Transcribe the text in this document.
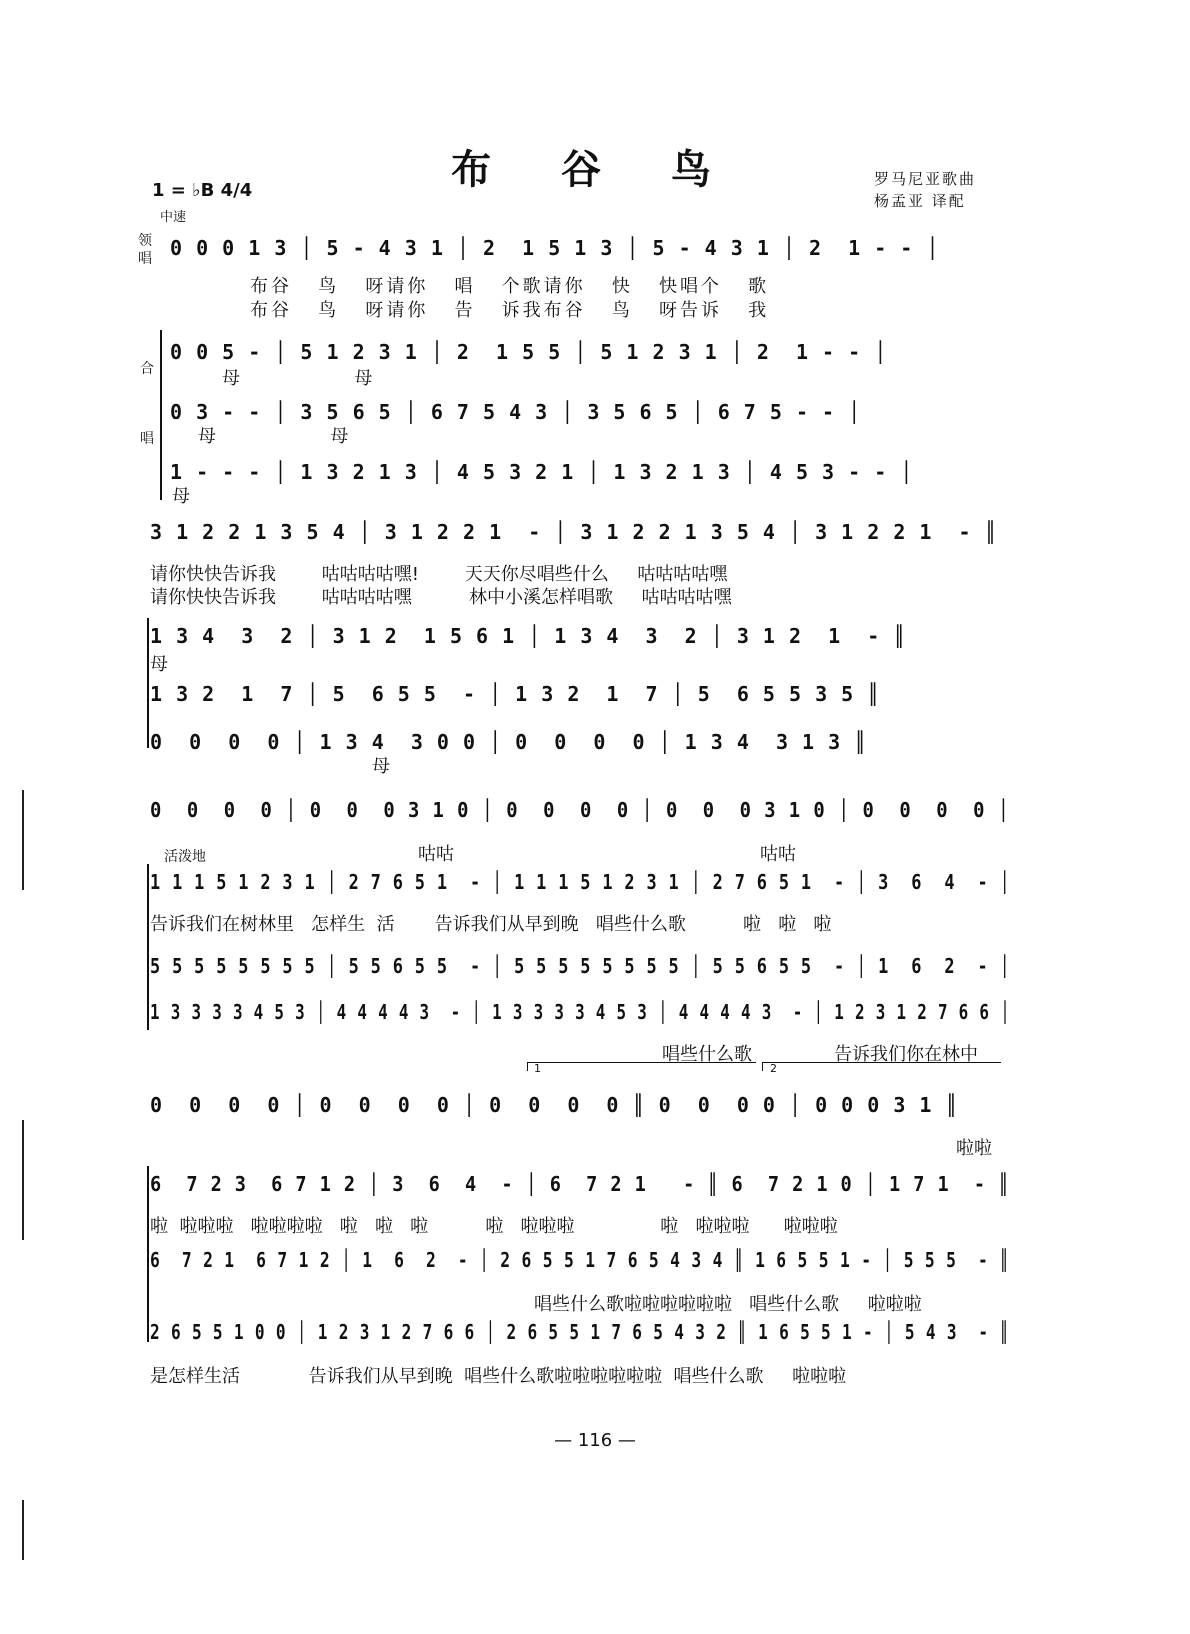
布 谷 鸟	罗马尼亚歌曲
杨孟亚 译配
1 = ♭B 4/4
中速
领唱 0 0 0 1 3 │ 5 - 4 3 1 │ 2  1 5 1 3 │ 5 - 4 3 1 │ 2  1 - - │
布谷   鸟   呀请你   唱   个歌请你   快   快唱个   歌
布谷   鸟   呀请你   告   诉我布谷   鸟   呀告诉   我
合
唱
0 0 5 - │ 5 1 2 3 1 │ 2  1 5 5 │ 5 1 2 3 1 │ 2  1 - - │
母                    母
0 3 - - │ 3 5 6 5 │ 6 7 5 4 3 │ 3 5 6 5 │ 6 7 5 - - │
母                    母
1 - - - │ 1 3 2 1 3 │ 4 5 3 2 1 │ 1 3 2 1 3 │ 4 5 3 - - │
母
3 1 2 2 1 3 5 4 │ 3 1 2 2 1  - │ 3 1 2 2 1 3 5 4 │ 3 1 2 2 1  - ║
请你快快告诉我        咕咕咕咕嘿!        天天你尽唱些什么     咕咕咕咕嘿
请你快快告诉我        咕咕咕咕嘿          林中小溪怎样唱歌     咕咕咕咕嘿
1 3 4  3  2 │ 3 1 2  1 5 6 1 │ 1 3 4  3  2 │ 3 1 2  1  - ║
母
1 3 2  1  7 │ 5  6 5 5  - │ 1 3 2  1  7 │ 5  6 5 5 3 5 ║
0  0  0  0 │ 1 3 4  3 0 0 │ 0  0  0  0 │ 1 3 4  3 1 3 ║
母
0  0  0  0 │ 0  0  0 3 1 0 │ 0  0  0  0 │ 0  0  0 3 1 0 │ 0  0  0  0 │
咕咕	咕咕
活泼地
1 1 1 5 1 2 3 1 │ 2 7 6 5 1  - │ 1 1 1 5 1 2 3 1 │ 2 7 6 5 1  - │ 3  6  4  - │
告诉我们在树林里   怎样生  活       告诉我们从早到晚   唱些什么歌          啦   啦   啦
5 5 5 5 5 5 5 5 │ 5 5 6 5 5  - │ 5 5 5 5 5 5 5 5 │ 5 5 6 5 5  - │ 1  6  2  - │
1 3 3 3 3 4 5 3 │ 4 4 4 4 3  - │ 1 3 3 3 3 4 5 3 │ 4 4 4 4 3  - │ 1 2 3 1 2 7 6 6 │
1	2
唱些什么歌	告诉我们你在林中
0  0  0  0 │ 0  0  0  0 │ 0  0  0  0 ║ 0  0  0 0 │ 0 0 0 3 1 ║
啦啦
6  7 2 3  6 7 1 2 │ 3  6  4  - │ 6  7 2 1   - ║ 6  7 2 1 0 │ 1 7 1  - ║
啦  啦啦啦   啦啦啦啦   啦   啦   啦          啦   啦啦啦               啦   啦啦啦      啦啦啦
6  7 2 1  6 7 1 2 │ 1  6  2  - │ 2 6 5 5 1 7 6 5 4 3 4 ║ 1 6 5 5 1 - │ 5 5 5  - ║
唱些什么歌啦啦啦啦啦啦   唱些什么歌     啦啦啦
2 6 5 5 1 0 0 │ 1 2 3 1 2 7 6 6 │ 2 6 5 5 1 7 6 5 4 3 2 ║ 1 6 5 5 1 - │ 5 4 3  - ║
是怎样生活            告诉我们从早到晚  唱些什么歌啦啦啦啦啦啦  唱些什么歌     啦啦啦
— 116 —
